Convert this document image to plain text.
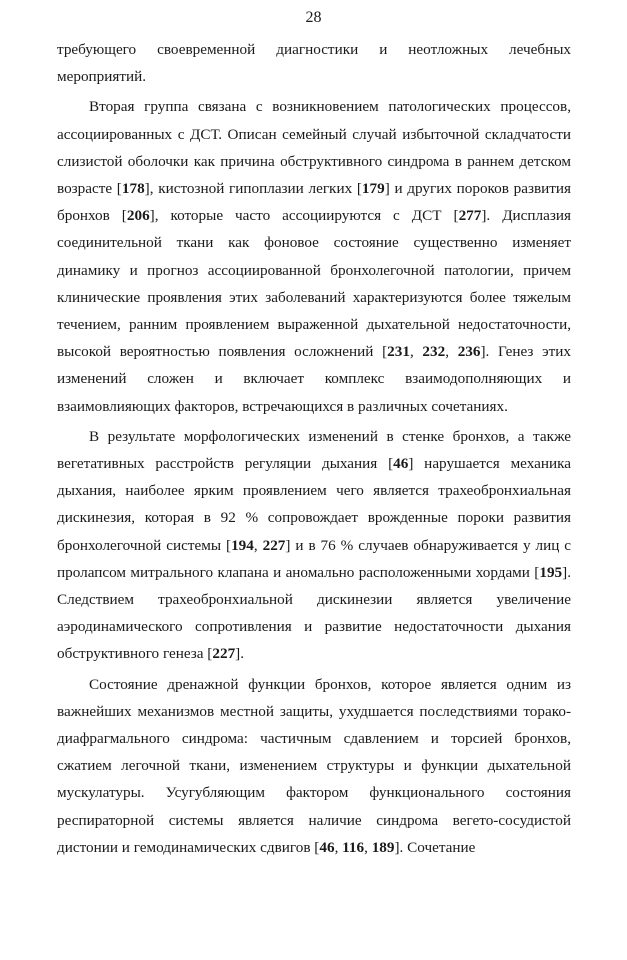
28

требующего своевременной диагностики и неотложных лечебных мероприятий.

Вторая группа связана с возникновением патологических процессов, ассоциированных с ДСТ. Описан семейный случай избыточной складчатости слизистой оболочки как причина обструктивного синдрома в раннем детском возрасте [178], кистозной гипоплазии легких [179] и других пороков развития бронхов [206], которые часто ассоциируются с ДСТ [277]. Дисплазия соединительной ткани как фоновое состояние существенно изменяет динамику и прогноз ассоциированной бронхолегочной патологии, причем клинические проявления этих заболеваний характеризуются более тяжелым течением, ранним проявлением выраженной дыхательной недостаточности, высокой вероятностью появления осложнений [231, 232, 236]. Генез этих изменений сложен и включает комплекс взаимодополняющих и взаимовлияющих факторов, встречающихся в различных сочетаниях.

В результате морфологических изменений в стенке бронхов, а также вегетативных расстройств регуляции дыхания [46] нарушается механика дыхания, наиболее ярким проявлением чего является трахеобронхиальная дискинезия, которая в 92 % сопровождает врожденные пороки развития бронхолегочной системы [194, 227] и в 76 % случаев обнаруживается у лиц с пролапсом митрального клапана и аномально расположенными хордами [195]. Следствием трахеобронхиальной дискинезии является увеличение аэродинамического сопротивления и развитие недостаточности дыхания обструктивного генеза [227].

Состояние дренажной функции бронхов, которое является одним из важнейших механизмов местной защиты, ухудшается последствиями торако-диафрагмального синдрома: частичным сдавлением и торсией бронхов, сжатием легочной ткани, изменением структуры и функции дыхательной мускулатуры. Усугубляющим фактором функционального состояния респираторной системы является наличие синдрома вегето-сосудистой дистонии и гемодинамических сдвигов [46, 116, 189]. Сочетание
